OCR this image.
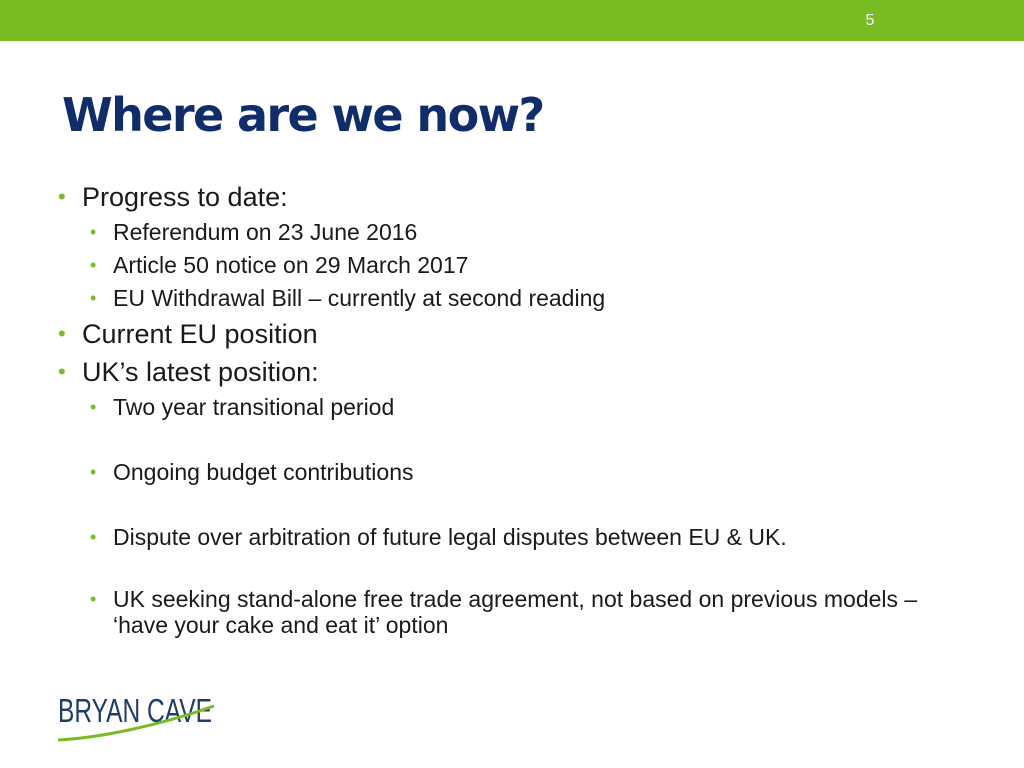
5
Where are we now?
• Progress to date:
• Referendum on 23 June 2016
• Article 50 notice on 29 March 2017
• EU Withdrawal Bill – currently at second reading
• Current EU position
• UK’s latest position:
• Two year transitional period
• Ongoing budget contributions
• Dispute over arbitration of future legal disputes between EU & UK.
• UK seeking stand-alone free trade agreement, not based on previous models – ‘have your cake and eat it’ option
BRYAN CAVE
